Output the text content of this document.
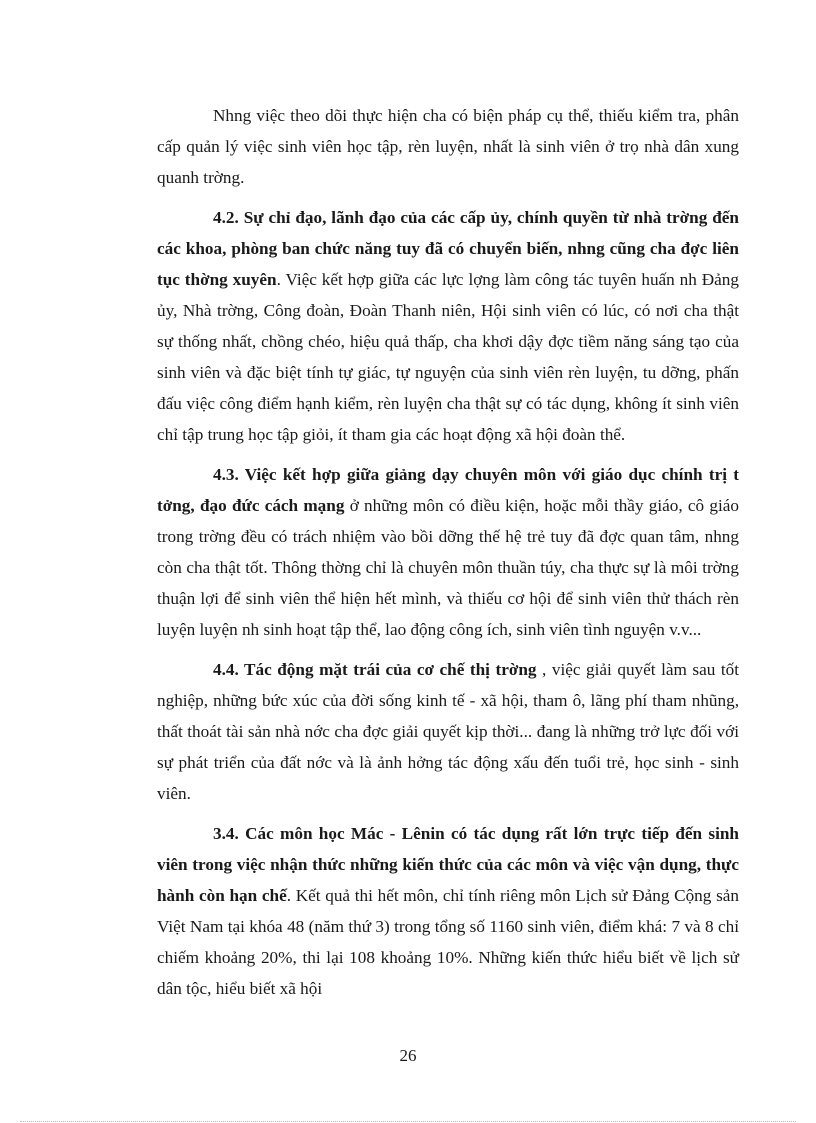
Nhng việc theo dõi thực hiện cha có biện pháp cụ thể, thiếu kiểm tra, phân cấp quản lý việc sinh viên học tập, rèn luyện, nhất là sinh viên ở trọ nhà dân xung quanh trờng.

4.2. Sự chỉ đạo, lãnh đạo của các cấp ủy, chính quyền từ nhà trờng đến các khoa, phòng ban chức năng tuy đã có chuyển biến, nhng cũng cha đợc liên tục thờng xuyên. Việc kết hợp giữa các lực lợng làm công tác tuyên huấn nh Đảng ủy, Nhà trờng, Công đoàn, Đoàn Thanh niên, Hội sinh viên có lúc, có nơi cha thật sự thống nhất, chồng chéo, hiệu quả thấp, cha khơi dậy đợc tiềm năng sáng tạo của sinh viên và đặc biệt tính tự giác, tự nguyện của sinh viên rèn luyện, tu dỡng, phấn đấu việc công điểm hạnh kiểm, rèn luyện cha thật sự có tác dụng, không ít sinh viên chỉ tập trung học tập giỏi, ít tham gia các hoạt động xã hội đoàn thể.

4.3. Việc kết hợp giữa giảng dạy chuyên môn với giáo dục chính trị t tởng, đạo đức cách mạng ở những môn có điều kiện, hoặc mỗi thầy giáo, cô giáo trong trờng đều có trách nhiệm vào bồi dỡng thế hệ trẻ tuy đã đợc quan tâm, nhng còn cha thật tốt. Thông thờng chỉ là chuyên môn thuần túy, cha thực sự là môi trờng thuận lợi để sinh viên thể hiện hết mình, và thiếu cơ hội để sinh viên thử thách rèn luyện luyện nh sinh hoạt tập thể, lao động công ích, sinh viên tình nguyện v.v...

4.4. Tác động mặt trái của cơ chế thị trờng , việc giải quyết làm sau tốt nghiệp, những bức xúc của đời sống kinh tế - xã hội, tham ô, lãng phí tham nhũng, thất thoát tài sản nhà nớc cha đợc giải quyết kịp thời... đang là những trở lực đối với sự phát triển của đất nớc và là ảnh hởng tác động xấu đến tuổi trẻ, học sinh - sinh viên.

3.4. Các môn học Mác - Lênin có tác dụng rất lớn trực tiếp đến sinh viên trong việc nhận thức những kiến thức của các môn và việc vận dụng, thực hành còn hạn chế. Kết quả thi hết môn, chỉ tính riêng môn Lịch sử Đảng Cộng sản Việt Nam tại khóa 48 (năm thứ 3) trong tổng số 1160 sinh viên, điểm khá: 7 và 8 chỉ chiếm khoảng 20%, thi lại 108 khoảng 10%. Những kiến thức hiểu biết về lịch sử dân tộc, hiểu biết xã hội

26
